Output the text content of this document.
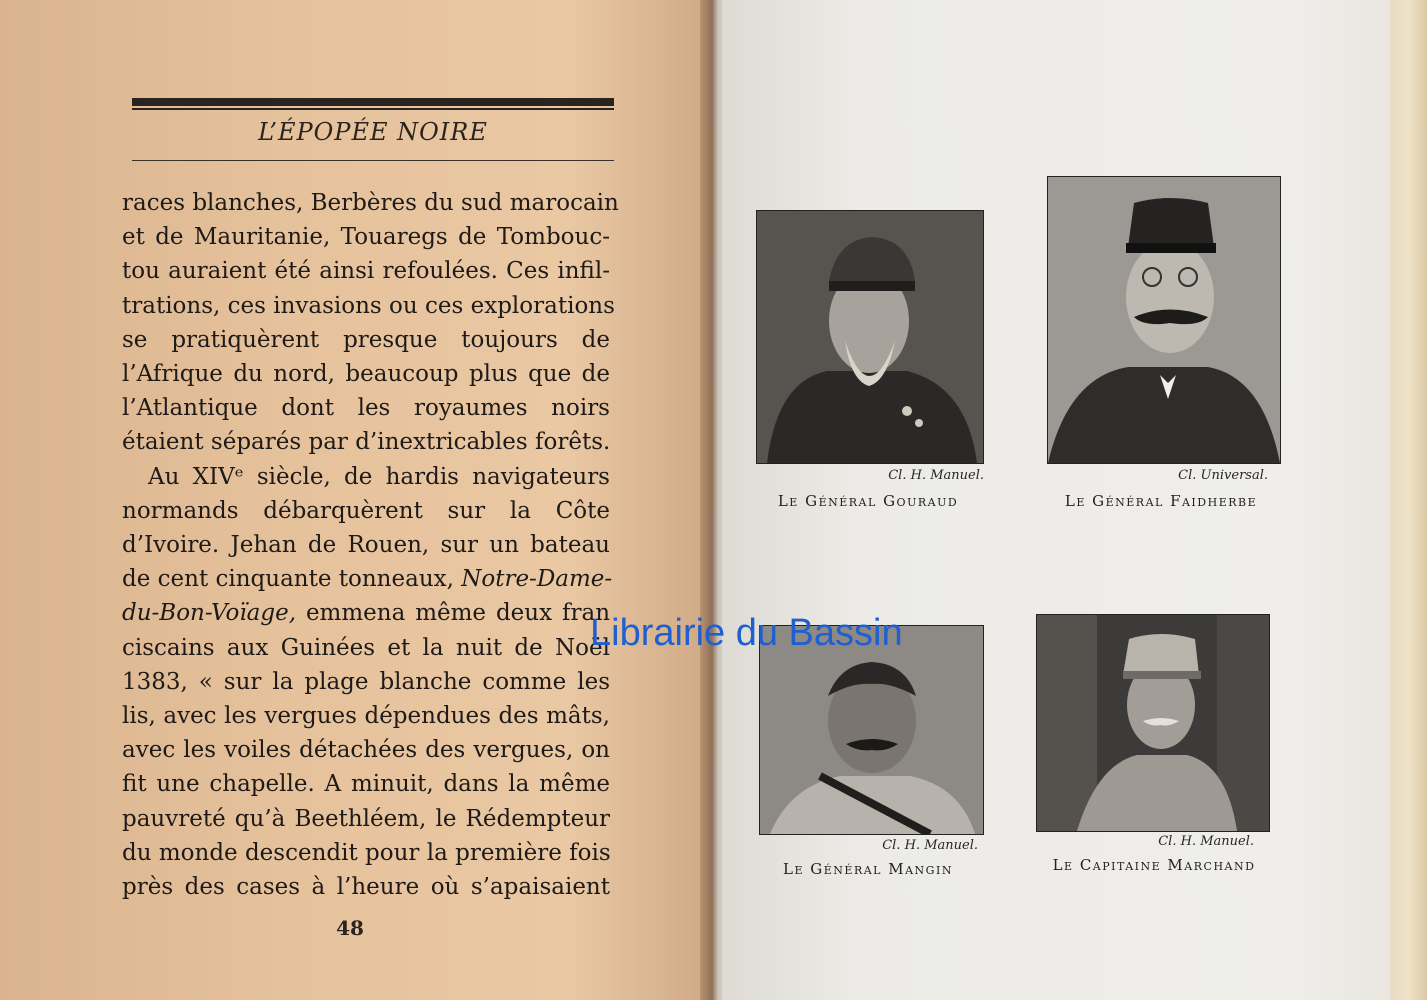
L’ÉPOPÉE NOIRE
races blanches, Berbères du sud marocain
et de Mauritanie, Touaregs de Tombouc-
tou auraient été ainsi refoulées. Ces infil-
trations, ces invasions ou ces explorations
se pratiquèrent presque toujours de
l’Afrique du nord, beaucoup plus que de
l’Atlantique dont les royaumes noirs
étaient séparés par d’inextricables forêts.
Au XIVᵉ siècle, de hardis navigateurs
normands débarquèrent sur la Côte
d’Ivoire. Jehan de Rouen, sur un bateau
de cent cinquante tonneaux, Notre-Dame-
du-Bon-Voïage, emmena même deux fran
ciscains aux Guinées et la nuit de Noël
1383, « sur la plage blanche comme les
lis, avec les vergues dépendues des mâts,
avec les voiles détachées des vergues, on
fit une chapelle. A minuit, dans la même
pauvreté qu’à Beethléem, le Rédempteur
du monde descendit pour la première fois
près des cases à l’heure où s’apaisaient
48
Cl. H. Manuel.
Le Général Gouraud
Cl. Universal.
Le Général Faidherbe
Cl. H. Manuel.
Le Général Mangin
Cl. H. Manuel.
Le Capitaine Marchand
Librairie du Bassin
